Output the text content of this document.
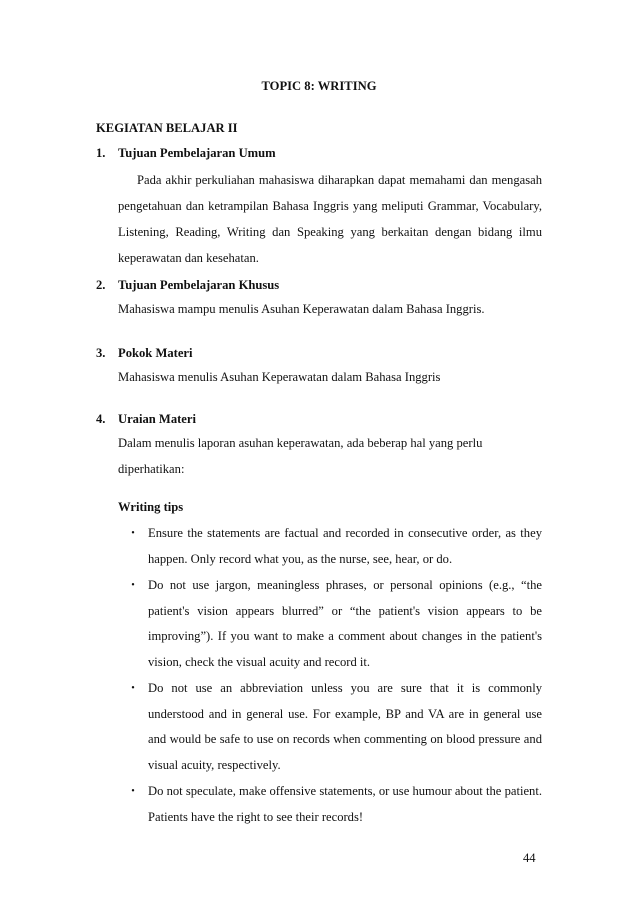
TOPIC 8: WRITING
KEGIATAN BELAJAR II
1. Tujuan Pembelajaran Umum
Pada akhir perkuliahan mahasiswa diharapkan dapat memahami dan mengasah pengetahuan dan ketrampilan Bahasa Inggris yang meliputi Grammar, Vocabulary, Listening, Reading, Writing dan Speaking yang berkaitan dengan bidang ilmu keperawatan dan kesehatan.
2. Tujuan Pembelajaran Khusus
Mahasiswa mampu menulis Asuhan Keperawatan dalam Bahasa Inggris.
3. Pokok Materi
Mahasiswa menulis Asuhan Keperawatan dalam Bahasa Inggris
4. Uraian Materi
Dalam menulis laporan asuhan keperawatan, ada beberap hal yang perlu
diperhatikan:
Writing tips
•	Ensure the statements are factual and recorded in consecutive order, as they happen. Only record what you, as the nurse, see, hear, or do.
•	Do not use jargon, meaningless phrases, or personal opinions (e.g., “the patient's vision appears blurred” or “the patient's vision appears to be improving”). If you want to make a comment about changes in the patient's vision, check the visual acuity and record it.
•	Do not use an abbreviation unless you are sure that it is commonly understood and in general use. For example, BP and VA are in general use and would be safe to use on records when commenting on blood pressure and visual acuity, respectively.
•	Do not speculate, make offensive statements, or use humour about the patient. Patients have the right to see their records!
44
